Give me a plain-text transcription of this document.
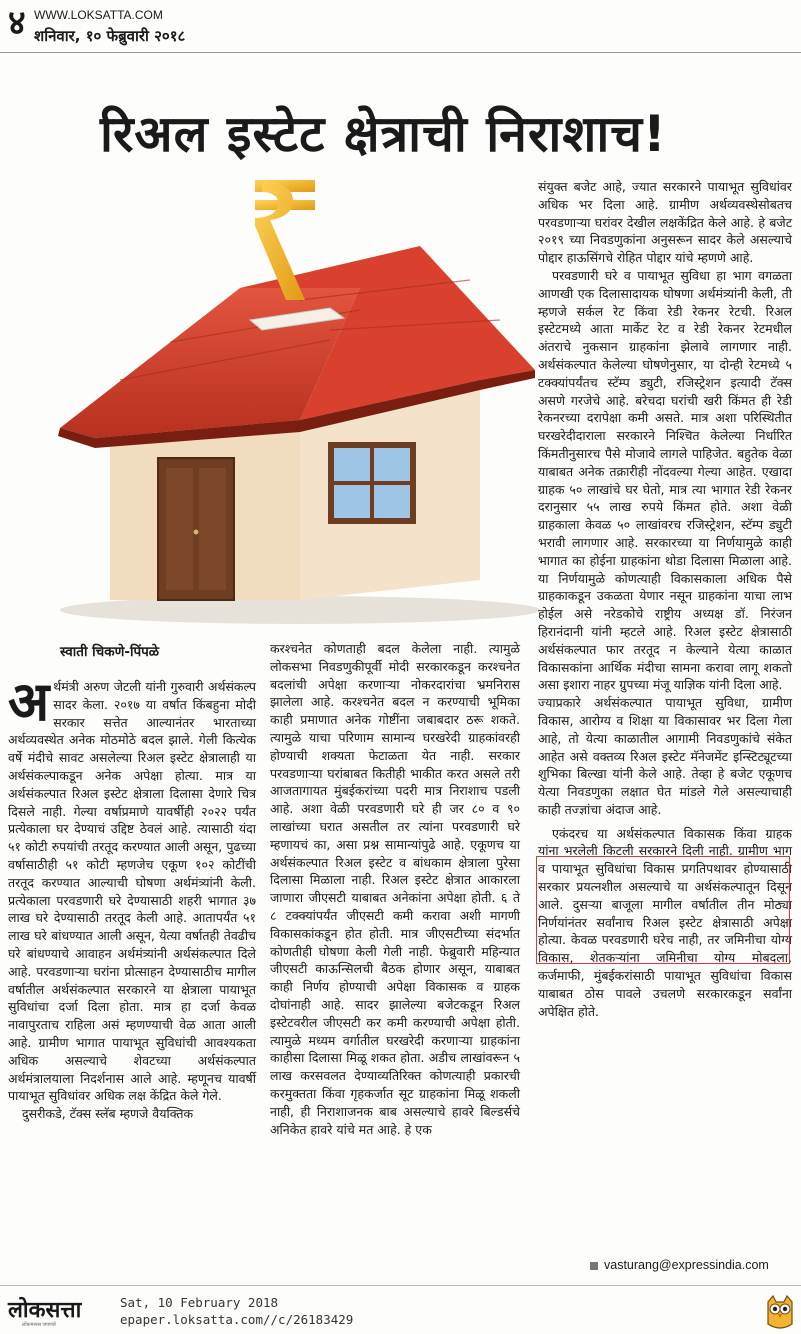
४ WWW.LOKSATTA.COM
शनिवार, १० फेब्रुवारी २०१८
रिअल इस्टेट क्षेत्राची निराशाच!
स्वाती चिकणे-पिंपळे

अर्थमंत्री अरुण जेटली यांनी गुरुवारी अर्थसंकल्प सादर केला. २०१७ या वर्षात किंबहुना मोदी सरकार सत्तेत आल्यानंतर भारताच्या अर्थव्यवस्थेत अनेक मोठमोठे बदल झाले. गेली कित्येक वर्षे मंदीचे सावट असलेल्या रिअल इस्टेट क्षेत्रालाही या अर्थसंकल्पाकडून अनेक अपेक्षा होत्या. मात्र या अर्थसंकल्पात रिअल इस्टेट क्षेत्राला दिलासा देणारे चित्र दिसले नाही. गेल्या वर्षाप्रमाणे यावर्षीही २०२२ पर्यंत प्रत्येकाला घर देण्याचं उद्दिष्ट ठेवलं आहे. त्यासाठी यंदा ५१ कोटी रुपयांची तरतूद करण्यात आली असून, पुढच्या वर्षासाठीही ५१ कोटी म्हणजेच एकूण १०२ कोटींची तरतूद करण्यात आल्याची घोषणा अर्थमंत्र्यांनी केली. प्रत्येकाला परवडणारी घरे देण्यासाठी शहरी भागात ३७ लाख घरे देण्यासाठी तरतूद केली आहे. आतापर्यंत ५१ लाख घरे बांधण्यात आली असून, येत्या वर्षातही तेवढीच घरे बांधण्याचे आवाहन अर्थमंत्र्यांनी अर्थसंकल्पात दिले आहे. परवडणाऱ्या घरांना प्रोत्साहन देण्यासाठीच मागील वर्षातील अर्थसंकल्पात सरकारने या क्षेत्राला पायाभूत सुविधांचा दर्जा दिला होता. मात्र हा दर्जा केवळ नावापुरताच राहिला असं म्हणण्याची वेळ आता आली आहे. ग्रामीण भागात पायाभूत सुविधांची आवश्यकता अधिक असल्याचे शेवटच्या अर्थसंकल्पात अर्थमंत्रालयाला निदर्शनास आले आहे. म्हणूनच यावर्षी पायाभूत सुविधांवर अधिक लक्ष केंद्रित केले गेले.

दुसरीकडे, टॅक्स स्लॅब म्हणजे वैयक्तिक

करश्चनेत कोणताही बदल केलेला नाही. त्यामुळे लोकसभा निवडणुकीपूर्वी मोदी सरकारकडून करश्चनेत बदलांची अपेक्षा करणाऱ्या नोकरदारांचा भ्रमनिरास झालेला आहे. करश्चनेत बदल न करण्याची भूमिका काही प्रमाणात अनेक गोष्टींना जबाबदार ठरू शकते. त्यामुळे याचा परिणाम सामान्य घरखरेदी ग्राहकांवरही होण्याची शक्यता फेटाळता येत नाही. सरकार परवडणाऱ्या घरांबाबत कितीही भाकीत करत असले तरी आजतागायत मुंबईकरांच्या पदरी मात्र निराशाच पडली आहे. अशा वेळी परवडणारी घरे ही जर ८० व ९० लाखांच्या घरात असतील तर त्यांना परवडणारी घरे म्हणायचं का, असा प्रश्न सामान्यांपुढे आहे. एकूणच या अर्थसंकल्पात रिअल इस्टेट व बांधकाम क्षेत्राला पुरेसा दिलासा मिळाला नाही. रिअल इस्टेट क्षेत्रात आकारला जाणारा जीएसटी याबाबत अनेकांना अपेक्षा होती. ६ ते ८ टक्क्यांपर्यंत जीएसटी कमी करावा अशी मागणी विकासकांकडून होत होती. मात्र जीएसटीच्या संदर्भात कोणतीही घोषणा केली गेली नाही. फेब्रुवारी महिन्यात जीएसटी काऊन्सिलची बैठक होणार असून, याबाबत काही निर्णय होण्याची अपेक्षा विकासक व ग्राहक दोघांनाही आहे. सादर झालेल्या बजेटकडून रिअल इस्टेटवरील जीएसटी कर कमी करण्याची अपेक्षा होती. त्यामुळे मध्यम वर्गातील घरखरेदी करणाऱ्या ग्राहकांना काहीसा दिलासा मिळू शकत होता. अडीच लाखांवरून ५ लाख करसवलत देण्याव्यतिरिक्त कोणत्याही प्रकारची करमुक्तता किंवा गृहकर्जात सूट ग्राहकांना मिळू शकली नाही, ही निराशाजनक बाब असल्याचे हावरे बिल्डर्सचे अनिकेत हावरे यांचे मत आहे. हे एक

संयुक्त बजेट आहे, ज्यात सरकारने पायाभूत सुविधांवर अधिक भर दिला आहे. ग्रामीण अर्थव्यवस्थेसोबतच परवडणाऱ्या घरांवर देखील लक्षकेंद्रित केले आहे. हे बजेट २०१९ च्या निवडणुकांना अनुसरून सादर केले असल्याचे पोद्दार हाऊसिंगचे रोहित पोद्दार यांचे म्हणणे आहे.

परवडणारी घरे व पायाभूत सुविधा हा भाग वगळता आणखी एक दिलासादायक घोषणा अर्थमंत्र्यांनी केली, ती म्हणजे सर्कल रेट किंवा रेडी रेकनर रेटची. रिअल इस्टेटमध्ये आता मार्केट रेट व रेडी रेकनर रेटमधील अंतराचे नुकसान ग्राहकांना झेलावे लागणार नाही. अर्थसंकल्पात केलेल्या घोषणेनुसार, या दोन्ही रेटमध्ये ५ टक्क्यांपर्यंतच स्टॅम्प ड्युटी, रजिस्ट्रेशन इत्यादी टॅक्स असणे गरजेचे आहे. बरेचदा घरांची खरी किंमत ही रेडी रेकनरच्या दरापेक्षा कमी असते. मात्र अशा परिस्थितीत घरखरेदीदाराला सरकारने निश्चित केलेल्या निर्धारित किंमतीनुसारच पैसे मोजावे लागले पाहिजेत. बहुतेक वेळा याबाबत अनेक तक्रारीही नोंदवल्या गेल्या आहेत. एखादा ग्राहक ५० लाखांचे घर घेतो, मात्र त्या भागात रेडी रेकनर दरानुसार ५५ लाख रुपये किंमत होते. अशा वेळी ग्राहकाला केवळ ५० लाखांवरच रजिस्ट्रेशन, स्टॅम्प ड्युटी भरावी लागणार आहे. सरकारच्या या निर्णयामुळे काही भागात का होईना ग्राहकांना थोडा दिलासा मिळाला आहे. या निर्णयामुळे कोणत्याही विकासकाला अधिक पैसे ग्राहकाकडून उकळता येणार नसून ग्राहकांना याचा लाभ होईल असे नरेडकोचे राष्ट्रीय अध्यक्ष डॉ. निरंजन हिरानंदानी यांनी म्हटले आहे. रिअल इस्टेट क्षेत्रासाठी अर्थसंकल्पात फार तरतूद न केल्याने येत्या काळात विकासकांना आर्थिक मंदीचा सामना करावा लागू शकतो असा इशारा नाहर ग्रुपच्या मंजू याज्ञिक यांनी दिला आहे.

ज्याप्रकारे अर्थसंकल्पात पायाभूत सुविधा, ग्रामीण विकास, आरोग्य व शिक्षा या विकासावर भर दिला गेला आहे, तो येत्या काळातील आगामी निवडणुकांचे संकेत आहेत असे वक्तव्य रिअल इस्टेट मॅनेजमेंट इन्स्टिट्यूटच्या शुभिका बिल्खा यांनी केले आहे. तेव्हा हे बजेट एकूणच येत्या निवडणुका लक्षात घेत मांडले गेले असल्याचाही काही तज्ज्ञांचा अंदाज आहे.

एकंदरच या अर्थसंकल्पात विकासक किंवा ग्राहक यांना भरलेली किटली सरकारने दिली नाही. ग्रामीण भाग व पायाभूत सुविधांचा विकास प्रगतिपथावर होण्यासाठी सरकार प्रयत्नशील असल्याचे या अर्थसंकल्पातून दिसून आले. दुसऱ्या बाजूला मागील वर्षातील तीन मोठ्या निर्णयांनंतर सर्वांनाच रिअल इस्टेट क्षेत्रासाठी अपेक्षा होत्या. केवळ परवडणारी घरेच नाही, तर जमिनीचा योग्य विकास, शेतकऱ्यांना जमिनीचा योग्य मोबदला, कर्जमाफी, मुंबईकरांसाठी पायाभूत सुविधांचा विकास याबाबत ठोस पावले उचलणे सरकारकडून सर्वांना अपेक्षित होते.

vasturang@expressindia.com
लोकसत्ता
लोकमानस जपणारे
Sat, 10 February 2018
epaper.loksatta.com//c/26183429
